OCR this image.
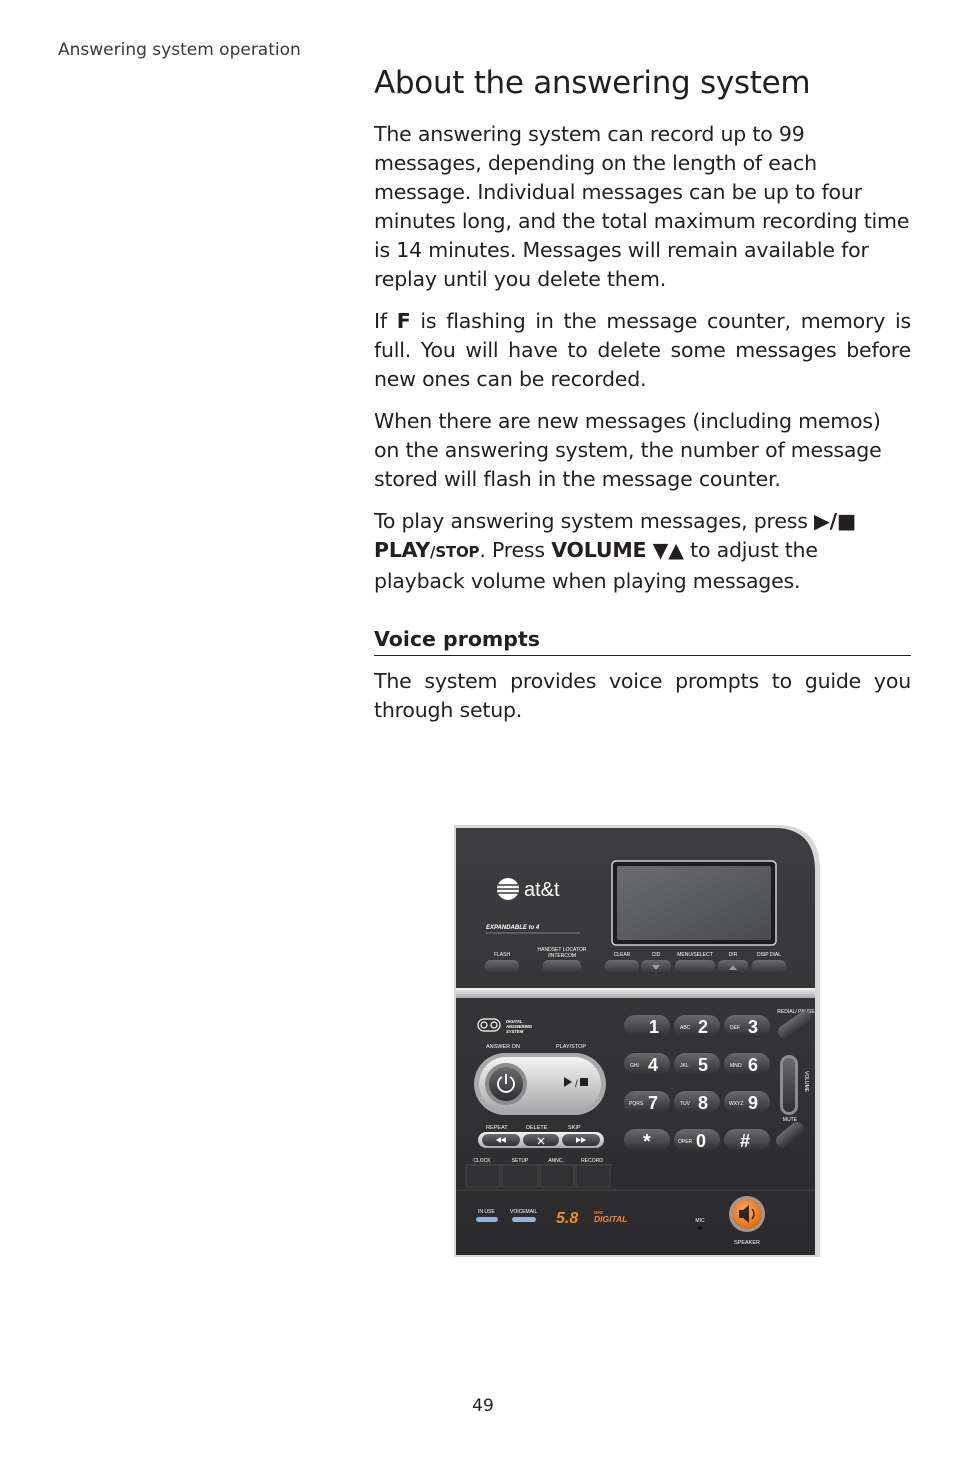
Answering system operation
About the answering system

The answering system can record up to 99 messages, depending on the length of each message. Individual messages can be up to four minutes long, and the total maximum recording time is 14 minutes. Messages will remain available for replay until you delete them.

If F is flashing in the message counter, memory is full. You will have to delete some messages before new ones can be recorded.

When there are new messages (including memos) on the answering system, the number of message stored will flash in the message counter.

To play answering system messages, press ▶/■ PLAY/STOP. Press VOLUME ▼▲ to adjust the playback volume when playing messages.

Voice prompts

The system provides voice prompts to guide you through setup.

at&t
EXPANDABLE to 4
FLASH
HANDSET LOCATOR
/INTERCOM	CLEAR	CID	MENU/SELECT	DIR	DISP DIAL
DIGITAL
ANSWERING
SYSTEM
ANSWER ON	PLAY/STOP
/
REPEAT	DELETE	SKIP
CLOCK	SETUP	ANNC.	RECORD
1	ABC 2	DEF 3
GHI 4	JKL 5	MNO 6
PQRS 7	TUV 8	WXYZ 9
*	OPER 0 #
REDIAL/ PAUSE
VOLUME
MUTE
IN USE	VOICEMAIL 5.8	GHz
DIGITAL	MIC
SPEAKER
49
